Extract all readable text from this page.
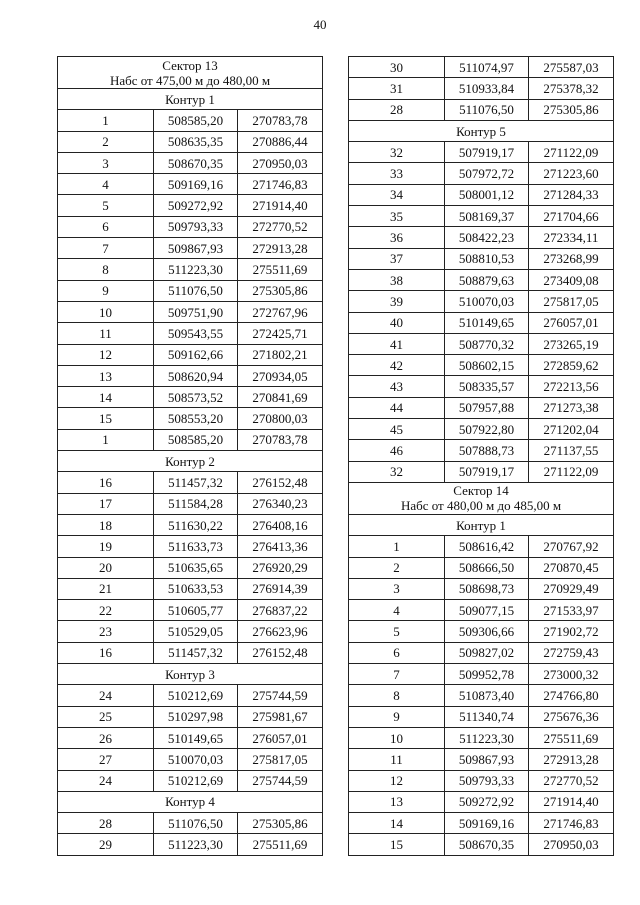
40
Сектор 13
Набс от 475,00 м до 480,00 м		

Контур 1		
1	508585,20	270783,78
2	508635,35	270886,44
3	508670,35	270950,03
4	509169,16	271746,83
5	509272,92	271914,40
6	509793,33	272770,52
7	509867,93	272913,28
8	511223,30	275511,69
9	511076,50	275305,86
10	509751,90	272767,96
11	509543,55	272425,71
12	509162,66	271802,21
13	508620,94	270934,05
14	508573,52	270841,69
15	508553,20	270800,03
1	508585,20	270783,78
Контур 2		
16	511457,32	276152,48
17	511584,28	276340,23
18	511630,22	276408,16
19	511633,73	276413,36
20	510635,65	276920,29
21	510633,53	276914,39
22	510605,77	276837,22
23	510529,05	276623,96
16	511457,32	276152,48
Контур 3		
24	510212,69	275744,59
25	510297,98	275981,67
26	510149,65	276057,01
27	510070,03	275817,05
24	510212,69	275744,59
Контур 4		
28	511076,50	275305,86
29	511223,30	275511,69
30	511074,97	275587,03
31	510933,84	275378,32
28	511076,50	275305,86
Контур 5		
32	507919,17	271122,09
33	507972,72	271223,60
34	508001,12	271284,33
35	508169,37	271704,66
36	508422,23	272334,11
37	508810,53	273268,99
38	508879,63	273409,08
39	510070,03	275817,05
40	510149,65	276057,01
41	508770,32	273265,19
42	508602,15	272859,62
43	508335,57	272213,56
44	507957,88	271273,38
45	507922,80	271202,04
46	507888,73	271137,55
32	507919,17	271122,09

Сектор 14
Набс от 480,00 м до 485,00 м		

Контур 1		
1	508616,42	270767,92
2	508666,50	270870,45
3	508698,73	270929,49
4	509077,15	271533,97
5	509306,66	271902,72
6	509827,02	272759,43
7	509952,78	273000,32
8	510873,40	274766,80
9	511340,74	275676,36
10	511223,30	275511,69
11	509867,93	272913,28
12	509793,33	272770,52
13	509272,92	271914,40
14	509169,16	271746,83
15	508670,35	270950,03
